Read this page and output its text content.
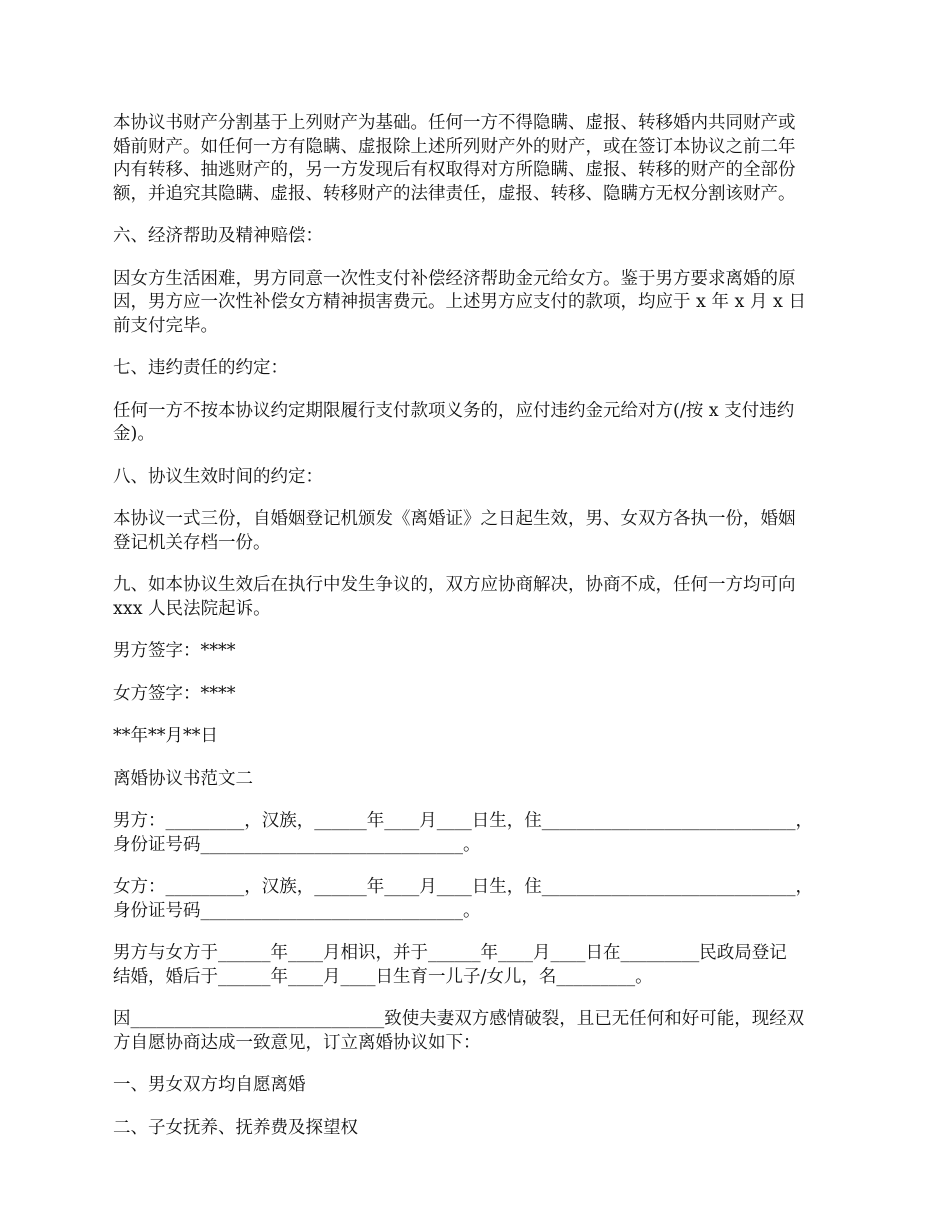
本协议书财产分割基于上列财产为基础。任何一方不得隐瞒、虚报、转移婚内共同财产或
婚前财产。如任何一方有隐瞒、虚报除上述所列财产外的财产，或在签订本协议之前二年
内有转移、抽逃财产的，另一方发现后有权取得对方所隐瞒、虚报、转移的财产的全部份
额，并追究其隐瞒、虚报、转移财产的法律责任，虚报、转移、隐瞒方无权分割该财产。
六、经济帮助及精神赔偿：
因女方生活困难，男方同意一次性支付补偿经济帮助金元给女方。鉴于男方要求离婚的原
因，男方应一次性补偿女方精神损害费元。上述男方应支付的款项，均应于 x 年 x 月 x 日
前支付完毕。
七、违约责任的约定：
任何一方不按本协议约定期限履行支付款项义务的，应付违约金元给对方(/按 x 支付违约
金)。
八、协议生效时间的约定：
本协议一式三份，自婚姻登记机颁发《离婚证》之日起生效，男、女双方各执一份，婚姻
登记机关存档一份。
九、如本协议生效后在执行中发生争议的，双方应协商解决，协商不成，任何一方均可向
xxx 人民法院起诉。
男方签字：****
女方签字：****
**年**月**日
离婚协议书范文二
男方：_________，汉族，______年____月____日生，住_____________________________，
身份证号码______________________________。
女方：_________，汉族，______年____月____日生，住_____________________________，
身份证号码______________________________。
男方与女方于______年____月相识，并于______年____月____日在_________民政局登记
结婚，婚后于______年____月____日生育一儿子/女儿，名_________。
因_____________________________致使夫妻双方感情破裂，且已无任何和好可能，现经双
方自愿协商达成一致意见，订立离婚协议如下：
一、男女双方均自愿离婚
二、子女抚养、抚养费及探望权
